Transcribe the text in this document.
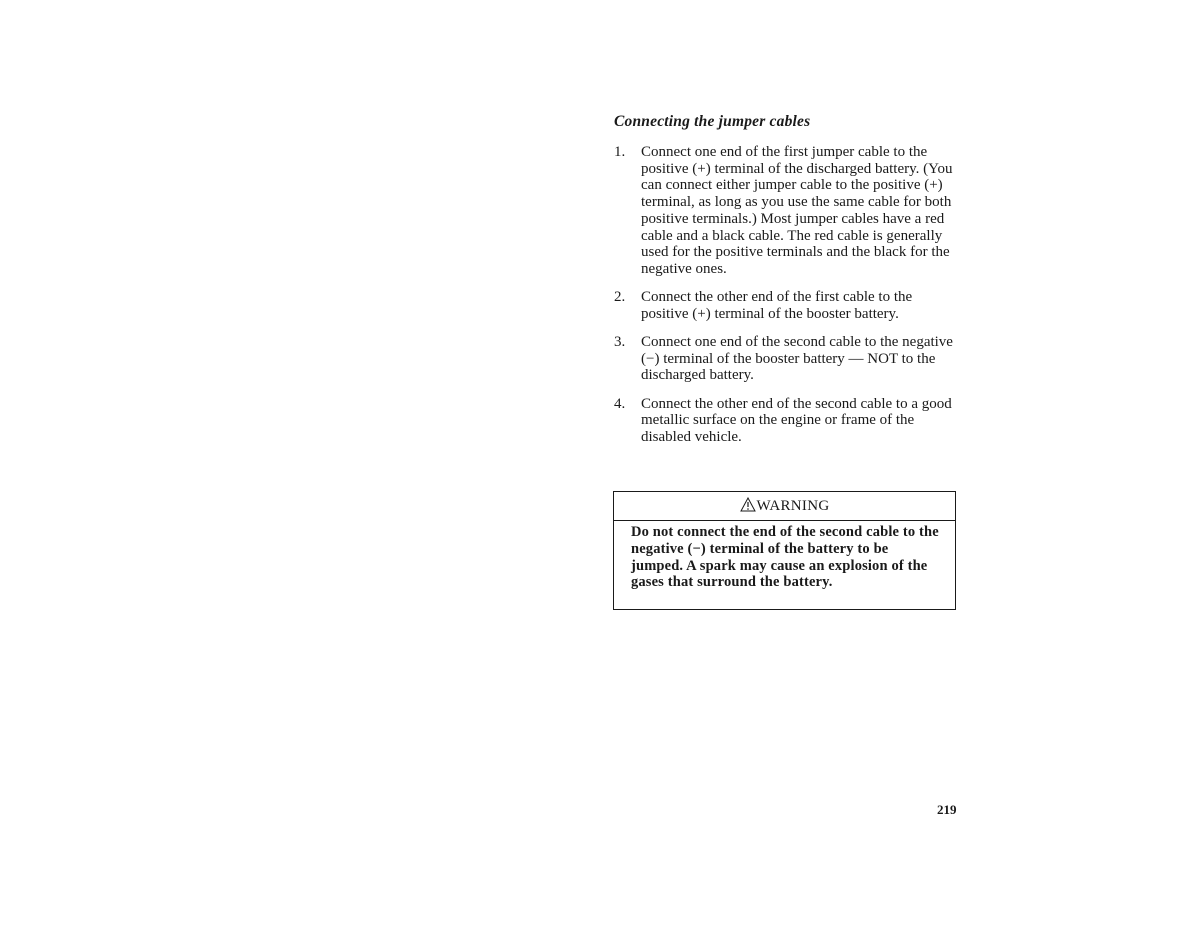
Connecting the jumper cables
1.	Connect one end of the first jumper cable to the positive (+) terminal of the discharged battery. (You can connect either jumper cable to the positive (+) terminal, as long as you use the same cable for both positive terminals.) Most jumper cables have a red cable and a black cable. The red cable is generally used for the positive terminals and the black for the negative ones.
2.	Connect the other end of the first cable to the positive (+) terminal of the booster battery.
3.	Connect one end of the second cable to the negative (−) terminal of the booster battery — NOT to the discharged battery.
4.	Connect the other end of the second cable to a good metallic surface on the engine or frame of the disabled vehicle.
WARNING
Do not connect the end of the second cable to the negative (−) terminal of the battery to be jumped. A spark may cause an explosion of the gases that surround the battery.
219
